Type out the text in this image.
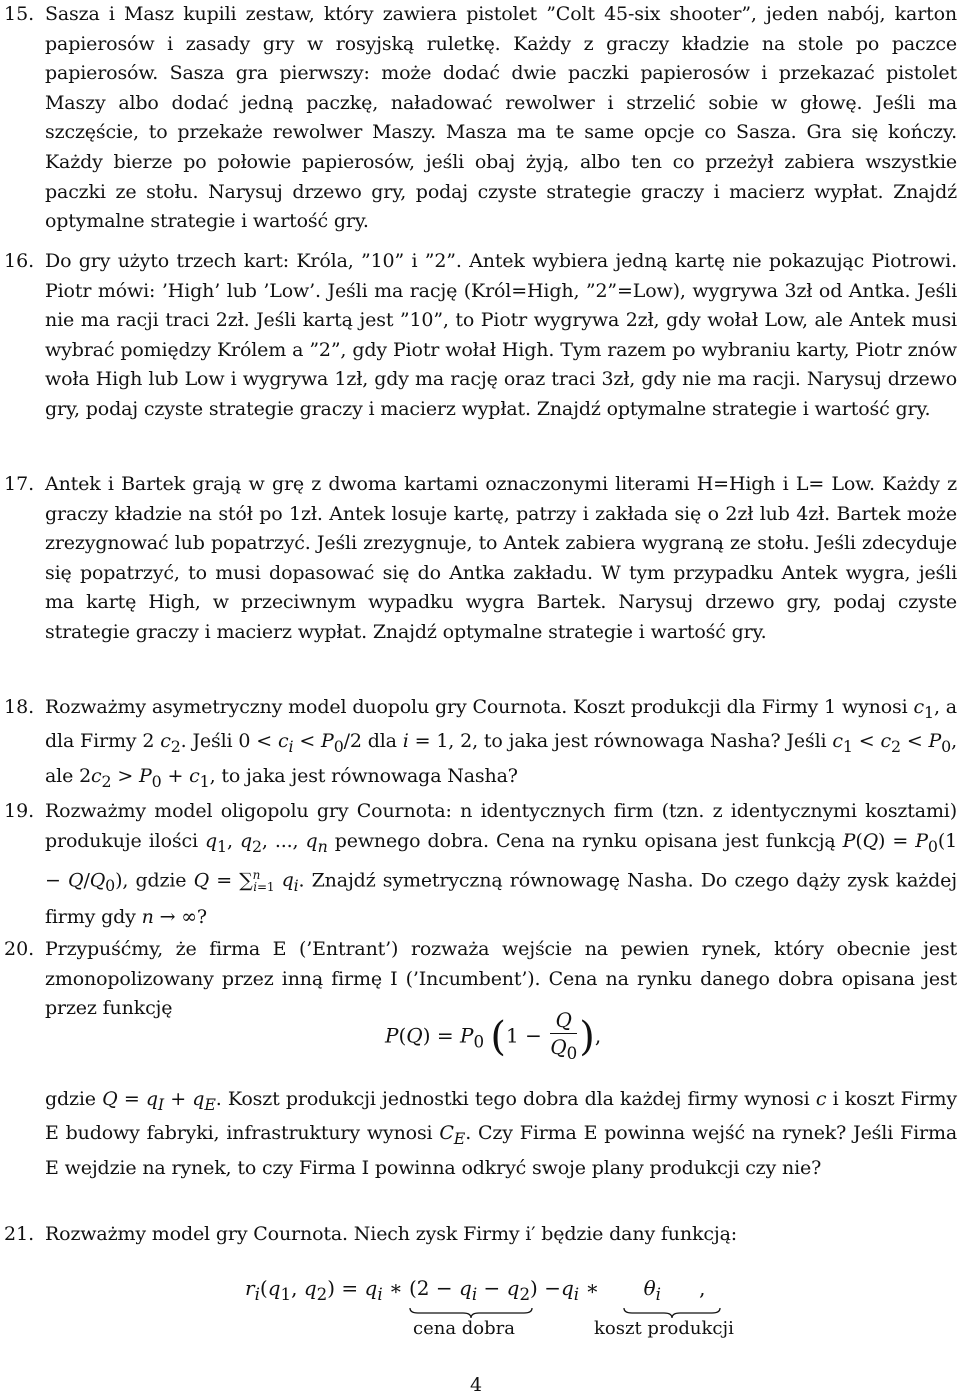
15. Sasza i Masz kupili zestaw, który zawiera pistolet ”Colt 45-six shooter”, jeden nabój, karton papierosów i zasady gry w rosyjską ruletkę. Każdy z graczy kładzie na stole po paczce papierosów. Sasza gra pierwszy: może dodać dwie paczki papierosów i przekazać pistolet Maszy albo dodać jedną paczkę, naładować rewolwer i strzelić sobie w głowę. Jeśli ma szczęście, to przekaże rewolwer Maszy. Masza ma te same opcje co Sasza. Gra się kończy. Każdy bierze po połowie papierosów, jeśli obaj żyją, albo ten co przeżył zabiera wszystkie paczki ze stołu. Narysuj drzewo gry, podaj czyste strategie graczy i macierz wypłat. Znajdź optymalne strategie i wartość gry.
16. Do gry użyto trzech kart: Króla, ”10” i ”2”. Antek wybiera jedną kartę nie pokazując Piotrowi. Piotr mówi: ’High’ lub ’Low’. Jeśli ma rację (Król=High, ”2”=Low), wygrywa 3zł od Antka. Jeśli nie ma racji traci 2zł. Jeśli kartą jest ”10”, to Piotr wygrywa 2zł, gdy wołał Low, ale Antek musi wybrać pomiędzy Królem a ”2”, gdy Piotr wołał High. Tym razem po wybraniu karty, Piotr znów woła High lub Low i wygrywa 1zł, gdy ma rację oraz traci 3zł, gdy nie ma racji. Narysuj drzewo gry, podaj czyste strategie graczy i macierz wypłat. Znajdź optymalne strategie i wartość gry.
17. Antek i Bartek grają w grę z dwoma kartami oznaczonymi literami H=High i L= Low. Każdy z graczy kładzie na stół po 1zł. Antek losuje kartę, patrzy i zakłada się o 2zł lub 4zł. Bartek może zrezygnować lub popatrzyć. Jeśli zrezygnuje, to Antek zabiera wygraną ze stołu. Jeśli zdecyduje się popatrzyć, to musi dopasować się do Antka zakładu. W tym przypadku Antek wygra, jeśli ma kartę High, w przeciwnym wypadku wygra Bartek. Narysuj drzewo gry, podaj czyste strategie graczy i macierz wypłat. Znajdź optymalne strategie i wartość gry.
18. Rozważmy asymetryczny model duopolu gry Cournota. Koszt produkcji dla Firmy 1 wynosi $c_1$, a dla Firmy 2 $c_2$. Jeśli $0 < c_i < P_0/2$ dla i = 1, 2, to jaka jest równowaga Nasha? Jeśli $c_1 < c_2 < P_0$, ale $2c_2 > P_0 + c_1$, to jaka jest równowaga Nasha?
19. Rozważmy model oligopolu gry Cournota: n identycznych firm (tzn. z identycznymi kosztami) produkuje ilości $q_1$, $q_2$, ..., $q_n$ pewnego dobra. Cena na rynku opisana jest funkcją $P(Q) = P_0(1 - Q/Q_0)$, gdzie Q = ∑$^n_{i=1}$ $q_i$. Znajdź symetryczną równowagę Nasha. Do czego dąży zysk każdej firmy gdy n → ∞?
20. Przypuśćmy, że firma E (’Entrant’) rozważa wejście na pewien rynek, który obecnie jest zmonopolizowany przez inną firmę I (’Incumbent’). Cena na rynku danego dobra opisana jest przez funkcję
$P(Q) = P_0$ ($1 - \frac{Q}{Q_0}$ ),
gdzie $Q = q_I + q_E$. Koszt produkcji jednostki tego dobra dla każdej firmy wynosi c i koszt Firmy E budowy fabryki, infrastruktury wynosi $C_E$. Czy Firma E powinna wejść na rynek? Jeśli Firma E wejdzie na rynek, to czy Firma I powinna odkryć swoje plany produkcji czy nie?
21. Rozważmy model gry Cournota. Niech zysk Firmy i′ będzie dany funkcją:
$r_i(q_1$, $q_2) = q_i$ ∗ $(2 - q_i - q_2) -q_i$ ∗       $\theta_i$      ,
cena dobra	koszt produkcji
4
